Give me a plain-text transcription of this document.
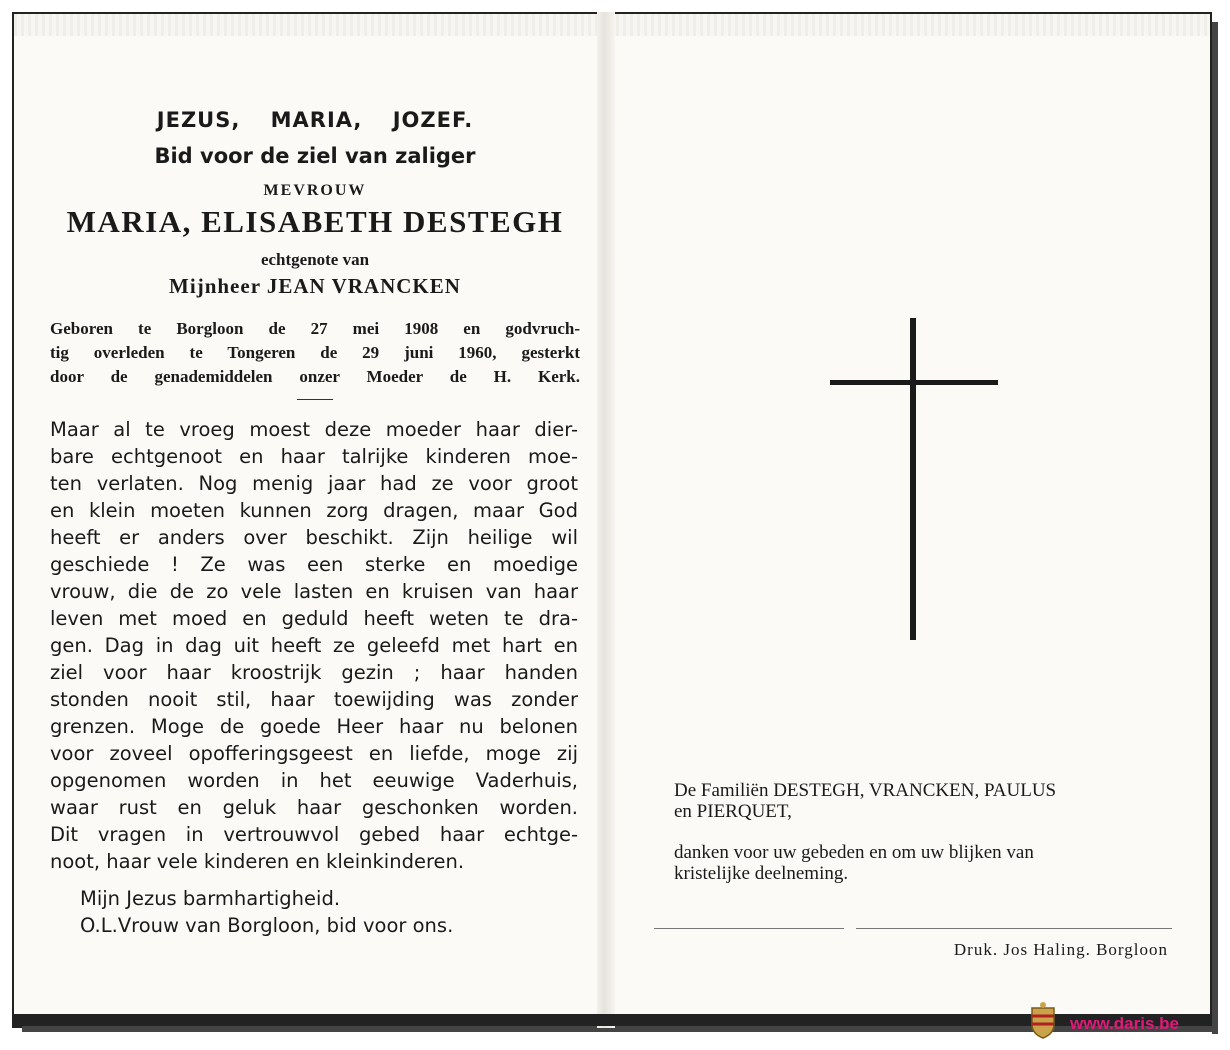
JEZUS, MARIA, JOZEF.
Bid voor de ziel van zaliger
MEVROUW
MARIA, ELISABETH DESTEGH
echtgenote van
Mijnheer JEAN VRANCKEN
Geboren te Borgloon de 27 mei 1908 en godvruch-
tig overleden te Tongeren de 29 juni 1960, gesterkt
door de genademiddelen onzer Moeder de H. Kerk.
Maar al te vroeg moest deze moeder haar dier-
bare echtgenoot en haar talrijke kinderen moe-
ten verlaten. Nog menig jaar had ze voor groot
en klein moeten kunnen zorg dragen, maar God
heeft er anders over beschikt. Zijn heilige wil
geschiede ! Ze was een sterke en moedige
vrouw, die de zo vele lasten en kruisen van haar
leven met moed en geduld heeft weten te dra-
gen. Dag in dag uit heeft ze geleefd met hart en
ziel voor haar kroostrijk gezin ; haar handen
stonden nooit stil, haar toewijding was zonder
grenzen. Moge de goede Heer haar nu belonen
voor zoveel opofferingsgeest en liefde, moge zij
opgenomen worden in het eeuwige Vaderhuis,
waar rust en geluk haar geschonken worden.
Dit vragen in vertrouwvol gebed haar echtge-
noot, haar vele kinderen en kleinkinderen.
Mijn Jezus barmhartigheid.
O.L.Vrouw van Borgloon, bid voor ons.
De Familiën DESTEGH, VRANCKEN, PAULUS
en PIERQUET,
danken voor uw gebeden en om uw blijken van
kristelijke deelneming.
Druk. Jos Haling. Borgloon
www.daris.be
